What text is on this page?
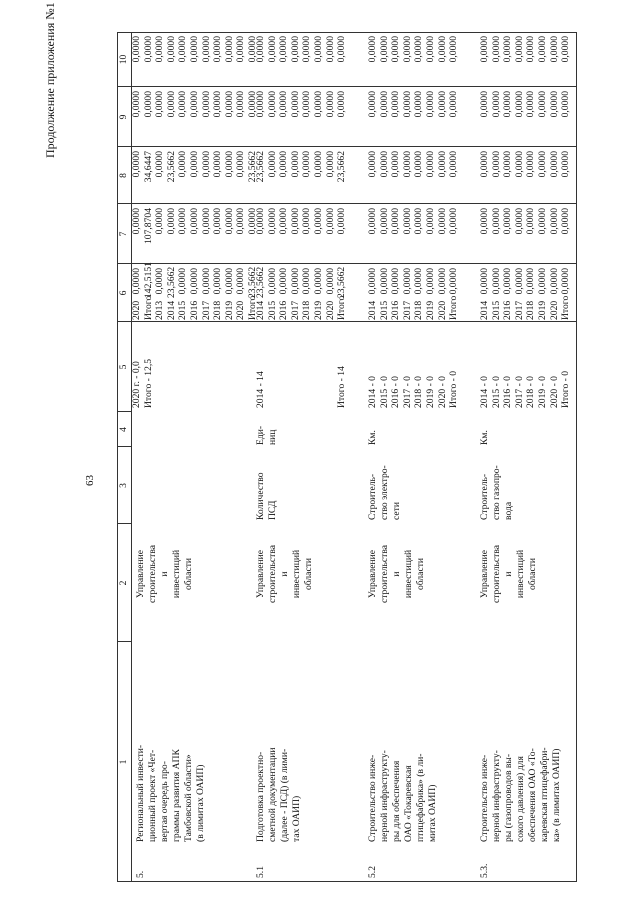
63
Продолжение приложения №1
1
2
3
4
5
6
7
8
9
10
5.
Региональный инвести- ционный проект «Чет- вертая очередь про- граммы развития АПК Тамбовской области» (в лимитах ОАИП)
Управление строительства и инвестиций области
2020 г. - 0,0 Итого - 12,5
2020 Итого 2013 2014 2015 2016 2017 2018 2019 2020 Итого
0,0000 142,5151 0,0000 23,5662 0,0000 0,0000 0,0000 0,0000 0,0000 0,0000 23,5662
0,0000 107,8704 0,0000 0,0000 0,0000 0,0000 0,0000 0,0000 0,0000 0,0000 0,0000
0,0000 34,6447 0,0000 23,5662 0,0000 0,0000 0,0000 0,0000 0,0000 0,0000 23,5662
0,0000 0,0000 0,0000 0,0000 0,0000 0,0000 0,0000 0,0000 0,0000 0,0000 0,0000
0,0000 0,0000 0,0000 0,0000 0,0000 0,0000 0,0000 0,0000 0,0000 0,0000 0,0000
5.1
Подготовка проектно- сметной документации (далее - ПСД) (в лими- тах ОАИП)
Управление строительства и инвестиций области
Количество ПСД
Еди- ниц
2014 - 14	Итого - 14
2014 2015 2016 2017 2018 2019 2020 Итого
23,5662 0,0000 0,0000 0,0000 0,0000 0,0000 0,0000 23,5662
0,0000 0,0000 0,0000 0,0000 0,0000 0,0000 0,0000 0,0000
23,5662 0,0000 0,0000 0,0000 0,0000 0,0000 0,0000 23,5662
0,0000 0,0000 0,0000 0,0000 0,0000 0,0000 0,0000 0,0000
0,0000 0,0000 0,0000 0,0000 0,0000 0,0000 0,0000 0,0000
5.2
Строительство инже- нерной инфраструкту- ры для обеспечения ОАО «Токаревская птицефабрика» (в ли- митах ОАИП)
Управление строительства и инвестиций области
Строитель- ство электро- сети
Км.
2014 - 0 2015 - 0 2016 - 0 2017 - 0 2018 - 0 2019 - 0 2020 - 0 Итого - 0
2014 2015 2016 2017 2018 2019 2020 Итого
0,0000 0,0000 0,0000 0,0000 0,0000 0,0000 0,0000 0,0000
0,0000 0,0000 0,0000 0,0000 0,0000 0,0000 0,0000 0,0000
0,0000 0,0000 0,0000 0,0000 0,0000 0,0000 0,0000 0,0000
0,0000 0,0000 0,0000 0,0000 0,0000 0,0000 0,0000 0,0000
0,0000 0,0000 0,0000 0,0000 0,0000 0,0000 0,0000 0,0000
5.3.
Строительство инже- нерной инфраструкту- ры (газопроводов вы- сокого давления) для обеспечения ОАО «То- каревская птицефабри- ка» (в лимитах ОАИП)
Управление строительства и инвестиций области
Строитель- ство газопро- вода
Км.
2014 - 0 2015 - 0 2016 - 0 2017 - 0 2018 - 0 2019 - 0 2020 - 0 Итого - 0
2014 2015 2016 2017 2018 2019 2020 Итого
0,0000 0,0000 0,0000 0,0000 0,0000 0,0000 0,0000 0,0000
0,0000 0,0000 0,0000 0,0000 0,0000 0,0000 0,0000 0,0000
0,0000 0,0000 0,0000 0,0000 0,0000 0,0000 0,0000 0,0000
0,0000 0,0000 0,0000 0,0000 0,0000 0,0000 0,0000 0,0000
0,0000 0,0000 0,0000 0,0000 0,0000 0,0000 0,0000 0,0000
